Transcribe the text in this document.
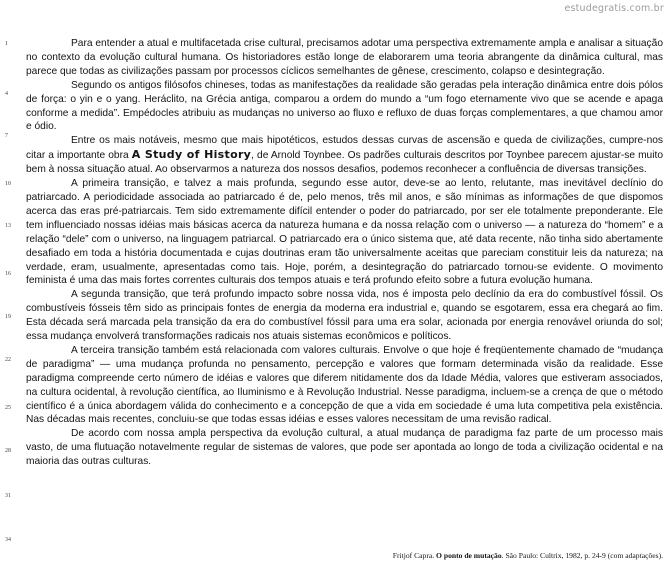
estudegratis.com.br
1
4
7
10
13
16
19
22
25
28
31
34

Para entender a atual e multifacetada crise cultural, precisamos adotar uma perspectiva extremamente ampla e analisar a situação no contexto da evolução cultural humana. Os historiadores estão longe de elaborarem uma teoria abrangente da dinâmica cultural, mas parece que todas as civilizações passam por processos cíclicos semelhantes de gênese, crescimento, colapso e desintegração.

Segundo os antigos filósofos chineses, todas as manifestações da realidade são geradas pela interação dinâmica entre dois pólos de força: o yin e o yang. Heráclito, na Grécia antiga, comparou a ordem do mundo a “um fogo eternamente vivo que se acende e apaga conforme a medida”. Empédocles atribuiu as mudanças no universo ao fluxo e refluxo de duas forças complementares, a que chamou amor e ódio.

Entre os mais notáveis, mesmo que mais hipotéticos, estudos dessas curvas de ascensão e queda de civilizações, cumpre-nos citar a importante obra A Study of History, de Arnold Toynbee. Os padrões culturais descritos por Toynbee parecem ajustar-se muito bem à nossa situação atual. Ao observarmos a natureza dos nossos desafios, podemos reconhecer a confluência de diversas transições.

A primeira transição, e talvez a mais profunda, segundo esse autor, deve-se ao lento, relutante, mas inevitável declínio do patriarcado. A periodicidade associada ao patriarcado é de, pelo menos, três mil anos, e são mínimas as informações de que dispomos acerca das eras pré-patriarcais. Tem sido extremamente difícil entender o poder do patriarcado, por ser ele totalmente preponderante. Ele tem influenciado nossas idéias mais básicas acerca da natureza humana e da nossa relação com o universo — a natureza do “homem” e a relação “dele” com o universo, na linguagem patriarcal. O patriarcado era o único sistema que, até data recente, não tinha sido abertamente desafiado em toda a história documentada e cujas doutrinas eram tão universalmente aceitas que pareciam constituir leis da natureza; na verdade, eram, usualmente, apresentadas como tais. Hoje, porém, a desintegração do patriarcado tornou-se evidente. O movimento feminista é uma das mais fortes correntes culturais dos tempos atuais e terá profundo efeito sobre a futura evolução humana.

A segunda transição, que terá profundo impacto sobre nossa vida, nos é imposta pelo declínio da era do combustível fóssil. Os combustíveis fósseis têm sido as principais fontes de energia da moderna era industrial e, quando se esgotarem, essa era chegará ao fim. Esta década será marcada pela transição da era do combustível fóssil para uma era solar, acionada por energia renovável oriunda do sol; essa mudança envolverá transformações radicais nos atuais sistemas econômicos e políticos.

A terceira transição também está relacionada com valores culturais. Envolve o que hoje é freqüentemente chamado de “mudança de paradigma” — uma mudança profunda no pensamento, percepção e valores que formam determinada visão da realidade. Esse paradigma compreende certo número de idéias e valores que diferem nitidamente dos da Idade Média, valores que estiveram associados, na cultura ocidental, à revolução científica, ao Iluminismo e à Revolução Industrial. Nesse paradigma, incluem-se a crença de que o método científico é a única abordagem válida do conhecimento e a concepção de que a vida em sociedade é uma luta competitiva pela existência. Nas décadas mais recentes, concluiu-se que todas essas idéias e esses valores necessitam de uma revisão radical.

De acordo com nossa ampla perspectiva da evolução cultural, a atual mudança de paradigma faz parte de um processo mais vasto, de uma flutuação notavelmente regular de sistemas de valores, que pode ser apontada ao longo de toda a civilização ocidental e na maioria das outras culturas.

Fritjof Capra. O ponto de mutação. São Paulo: Cultrix, 1982, p. 24-9 (com adaptações).
